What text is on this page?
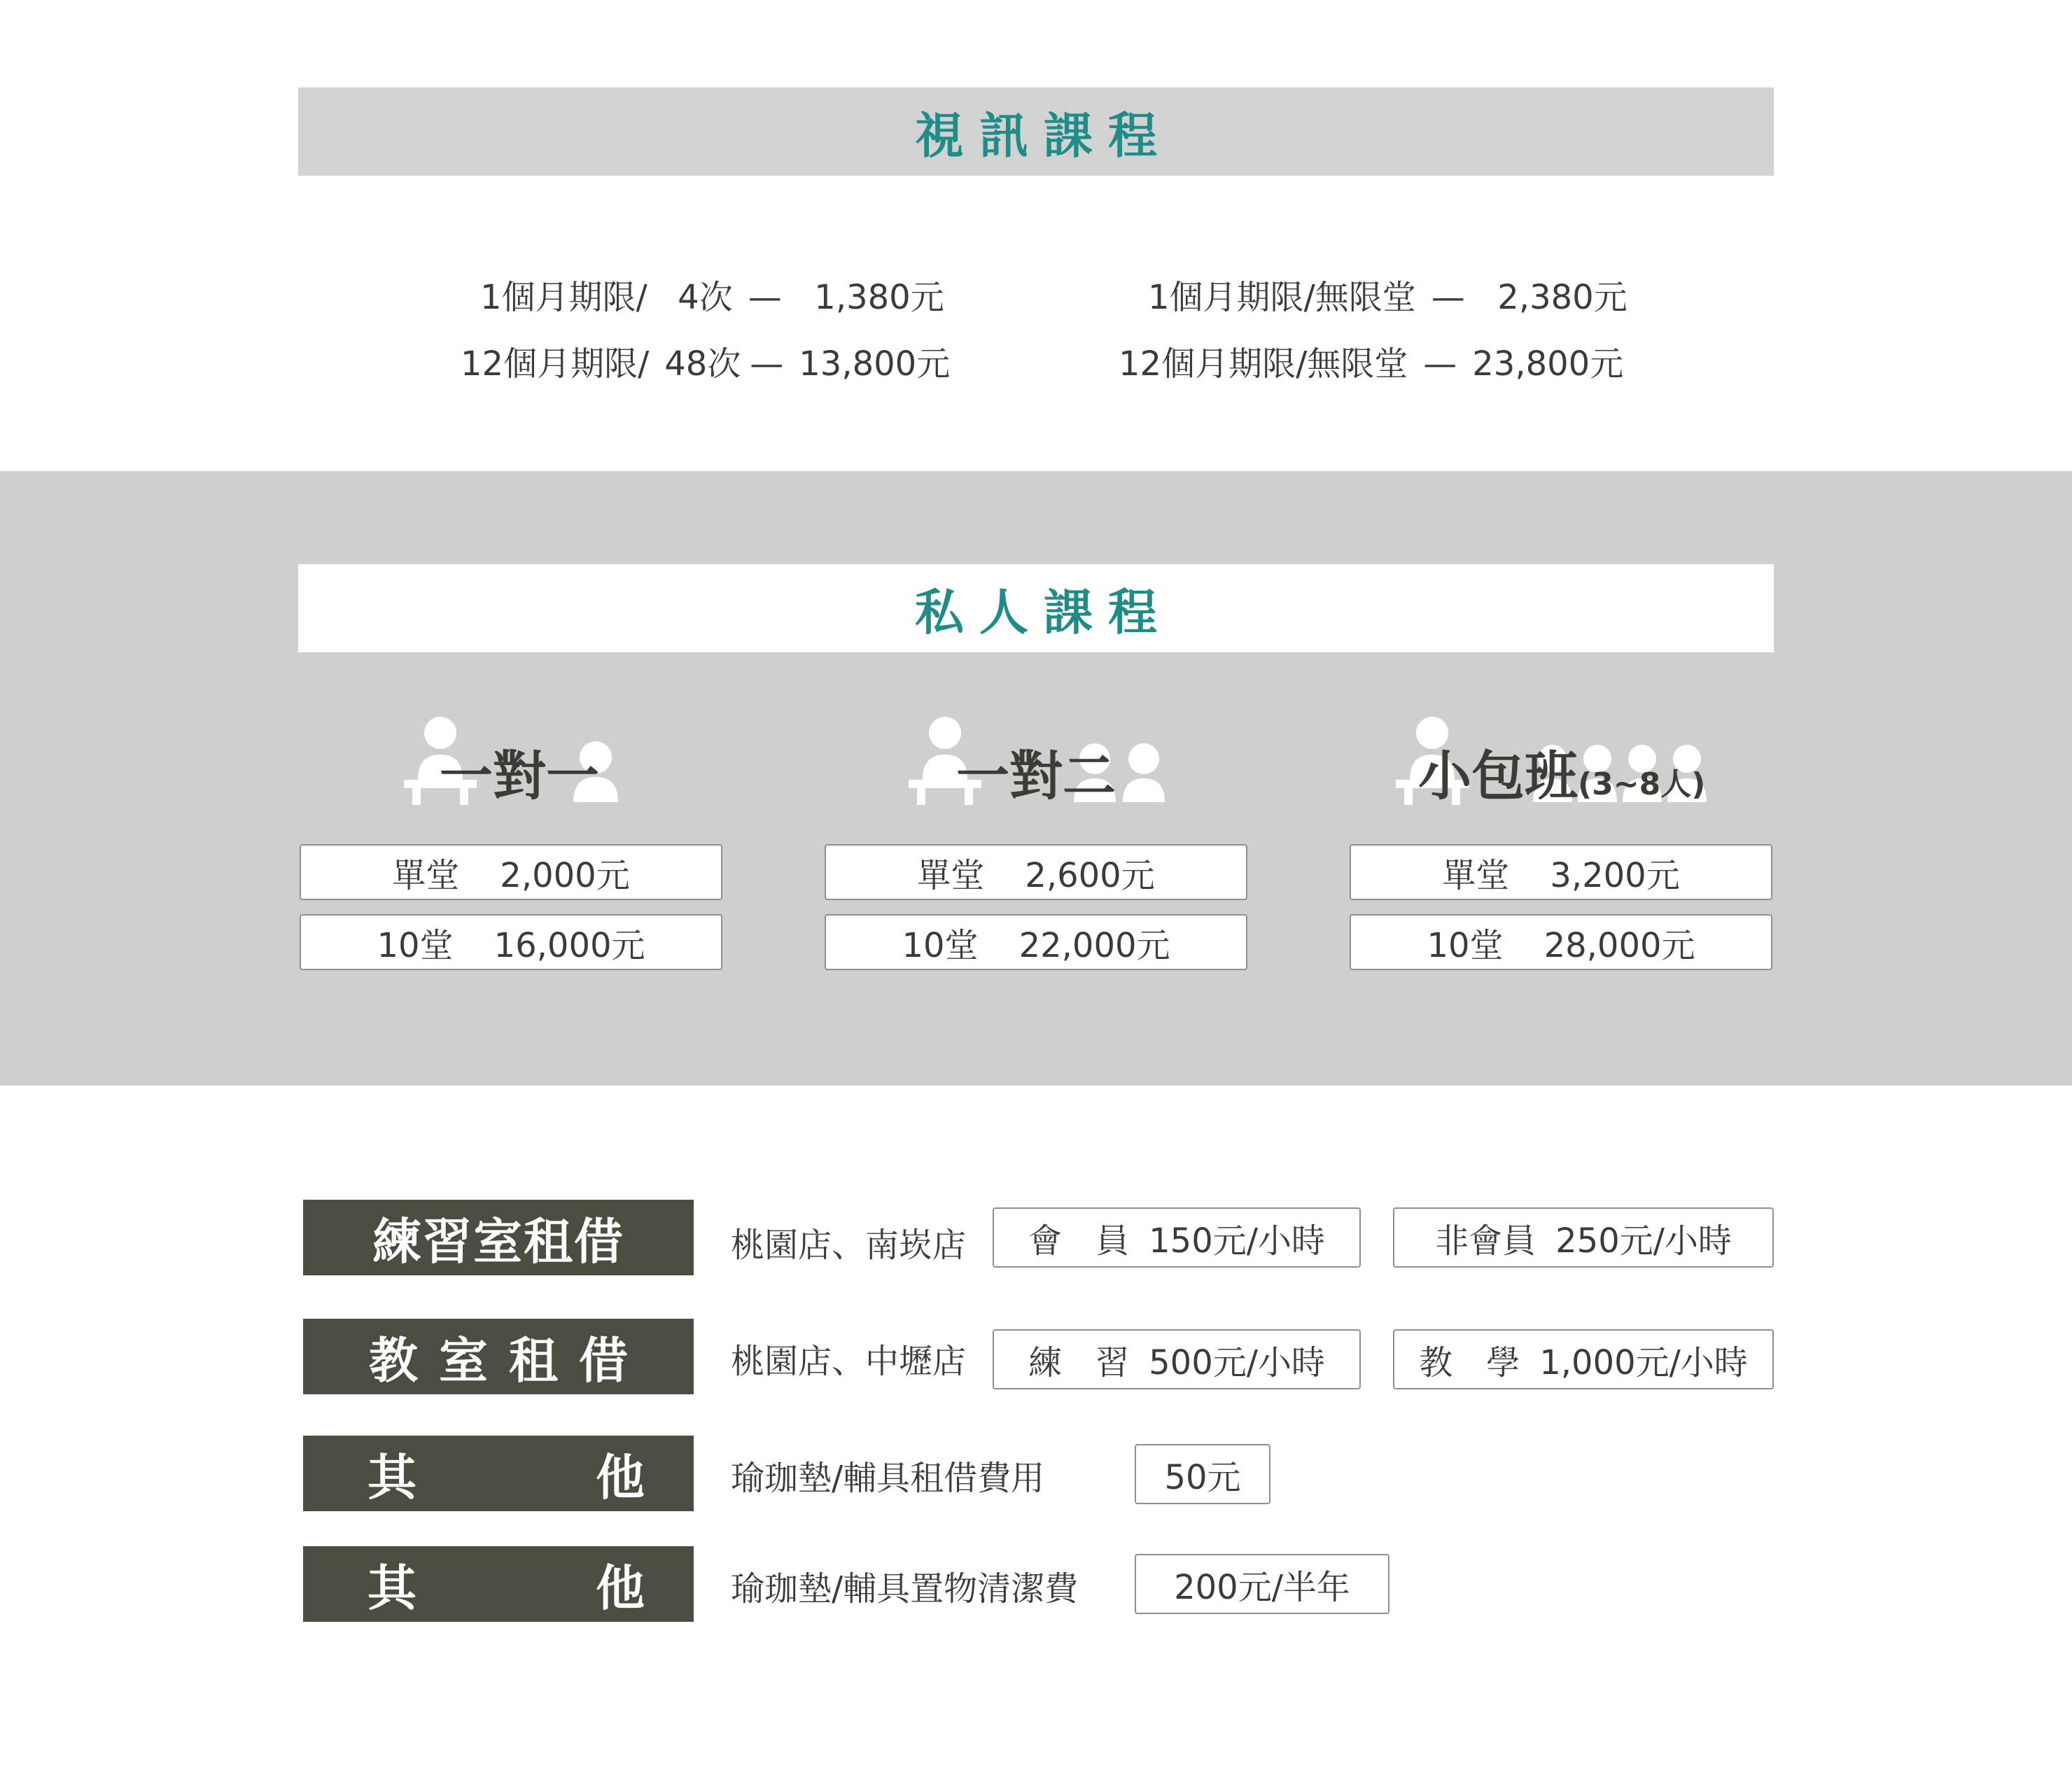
視訊課程
1個月期限/ 4次 — 1,380元	1個月期限/無限堂 — 2,380元
12個月期限/ 48次 — 13,800元	12個月期限/無限堂 — 23,800元
私人課程
一對一	一對二	小包班(3~8人)
單堂 2,000元
10堂 16,000元
單堂 2,600元
10堂 22,000元
單堂 3,200元
10堂 28,000元
練習室租借	桃園店、南崁店 會　員 150元/小時	非會員 250元/小時
教室租借 桃園店、中壢店 練　習 500元/小時	教　學 1,000元/小時
其	他	瑜珈墊/輔具租借費用	50元
其	他	瑜珈墊/輔具置物清潔費	200元/半年
